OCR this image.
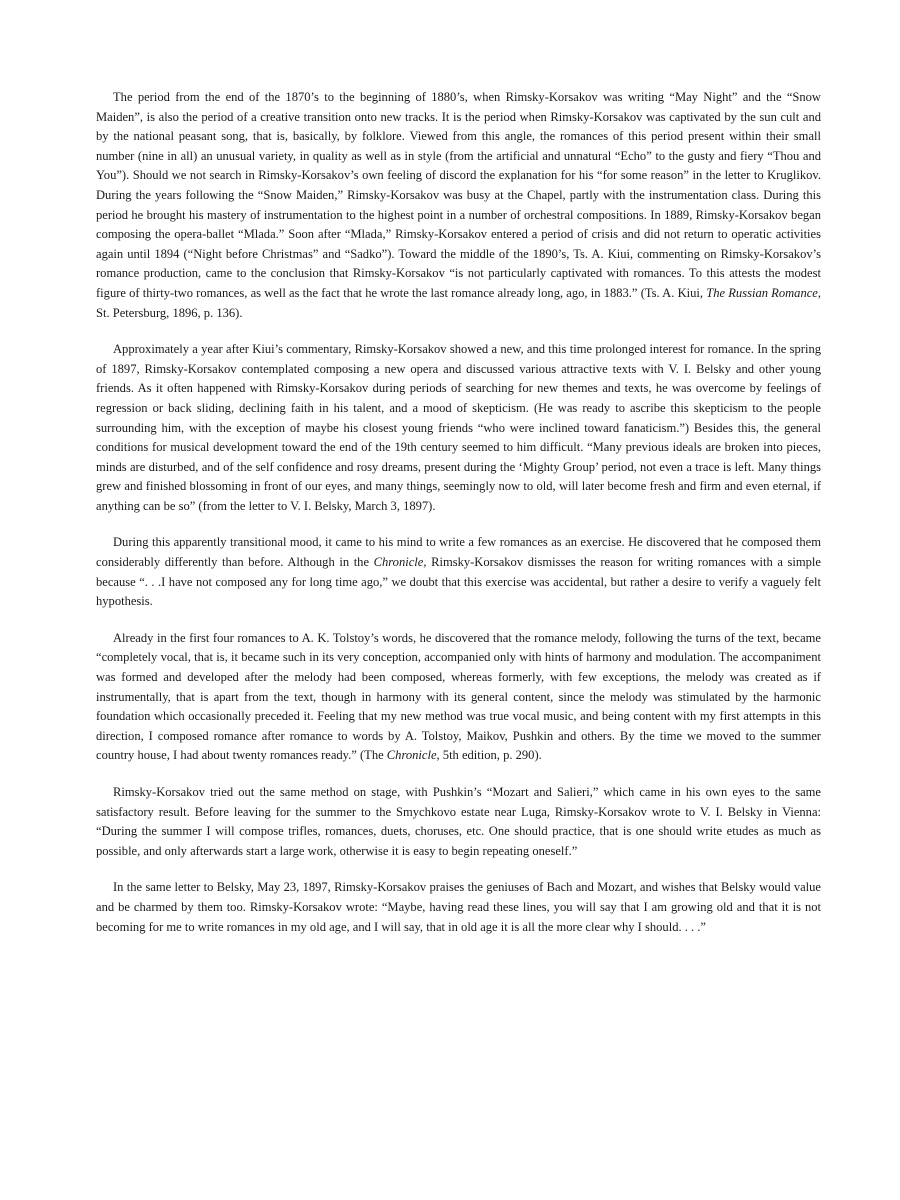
The period from the end of the 1870’s to the beginning of 1880’s, when Rimsky-Korsakov was writing “May Night” and the “Snow Maiden”, is also the period of a creative transition onto new tracks. It is the period when Rimsky-Korsakov was captivated by the sun cult and by the national peasant song, that is, basically, by folklore. Viewed from this angle, the romances of this period present within their small number (nine in all) an unusual variety, in quality as well as in style (from the artificial and unnatural “Echo” to the gusty and fiery “Thou and You”). Should we not search in Rimsky-Korsakov’s own feeling of discord the explanation for his “for some reason” in the letter to Kruglikov. During the years following the “Snow Maiden,” Rimsky-Korsakov was busy at the Chapel, partly with the instrumentation class. During this period he brought his mastery of instrumentation to the highest point in a number of orchestral compositions. In 1889, Rimsky-Korsakov began composing the opera-ballet “Mlada.” Soon after “Mlada,” Rimsky-Korsakov entered a period of crisis and did not return to operatic activities again until 1894 (“Night before Christmas” and “Sadko”). Toward the middle of the 1890’s, Ts. A. Kiui, commenting on Rimsky-Korsakov’s romance production, came to the conclusion that Rimsky-Korsakov “is not particularly captivated with romances. To this attests the modest figure of thirty-two romances, as well as the fact that he wrote the last romance already long, ago, in 1883.” (Ts. A. Kiui, The Russian Romance, St. Petersburg, 1896, p. 136).

Approximately a year after Kiui’s commentary, Rimsky-Korsakov showed a new, and this time prolonged interest for romance. In the spring of 1897, Rimsky-Korsakov contemplated composing a new opera and discussed various attractive texts with V. I. Belsky and other young friends. As it often happened with Rimsky-Korsakov during periods of searching for new themes and texts, he was overcome by feelings of regression or back sliding, declining faith in his talent, and a mood of skepticism. (He was ready to ascribe this skepticism to the people surrounding him, with the exception of maybe his closest young friends “who were inclined toward fanaticism.”) Besides this, the general conditions for musical development toward the end of the 19th century seemed to him difficult. “Many previous ideals are broken into pieces, minds are disturbed, and of the self confidence and rosy dreams, present during the ‘Mighty Group’ period, not even a trace is left. Many things grew and finished blossoming in front of our eyes, and many things, seemingly now to old, will later become fresh and firm and even eternal, if anything can be so” (from the letter to V. I. Belsky, March 3, 1897).

During this apparently transitional mood, it came to his mind to write a few romances as an exercise. He discovered that he composed them considerably differently than before. Although in the Chronicle, Rimsky-Korsakov dismisses the reason for writing romances with a simple because “. . .I have not composed any for long time ago,” we doubt that this exercise was accidental, but rather a desire to verify a vaguely felt hypothesis.

Already in the first four romances to A. K. Tolstoy’s words, he discovered that the romance melody, following the turns of the text, became “completely vocal, that is, it became such in its very conception, accompanied only with hints of harmony and modulation. The accompaniment was formed and developed after the melody had been composed, whereas formerly, with few exceptions, the melody was created as if instrumentally, that is apart from the text, though in harmony with its general content, since the melody was stimulated by the harmonic foundation which occasionally preceded it. Feeling that my new method was true vocal music, and being content with my first attempts in this direction, I composed romance after romance to words by A. Tolstoy, Maikov, Pushkin and others. By the time we moved to the summer country house, I had about twenty romances ready.” (The Chronicle, 5th edition, p. 290).

Rimsky-Korsakov tried out the same method on stage, with Pushkin’s “Mozart and Salieri,” which came in his own eyes to the same satisfactory result. Before leaving for the summer to the Smychkovo estate near Luga, Rimsky-Korsakov wrote to V. I. Belsky in Vienna: “During the summer I will compose trifles, romances, duets, choruses, etc. One should practice, that is one should write etudes as much as possible, and only afterwards start a large work, otherwise it is easy to begin repeating oneself.”

In the same letter to Belsky, May 23, 1897, Rimsky-Korsakov praises the geniuses of Bach and Mozart, and wishes that Belsky would value and be charmed by them too. Rimsky-Korsakov wrote: “Maybe, having read these lines, you will say that I am growing old and that it is not becoming for me to write romances in my old age, and I will say, that in old age it is all the more clear why I should. . . .”
